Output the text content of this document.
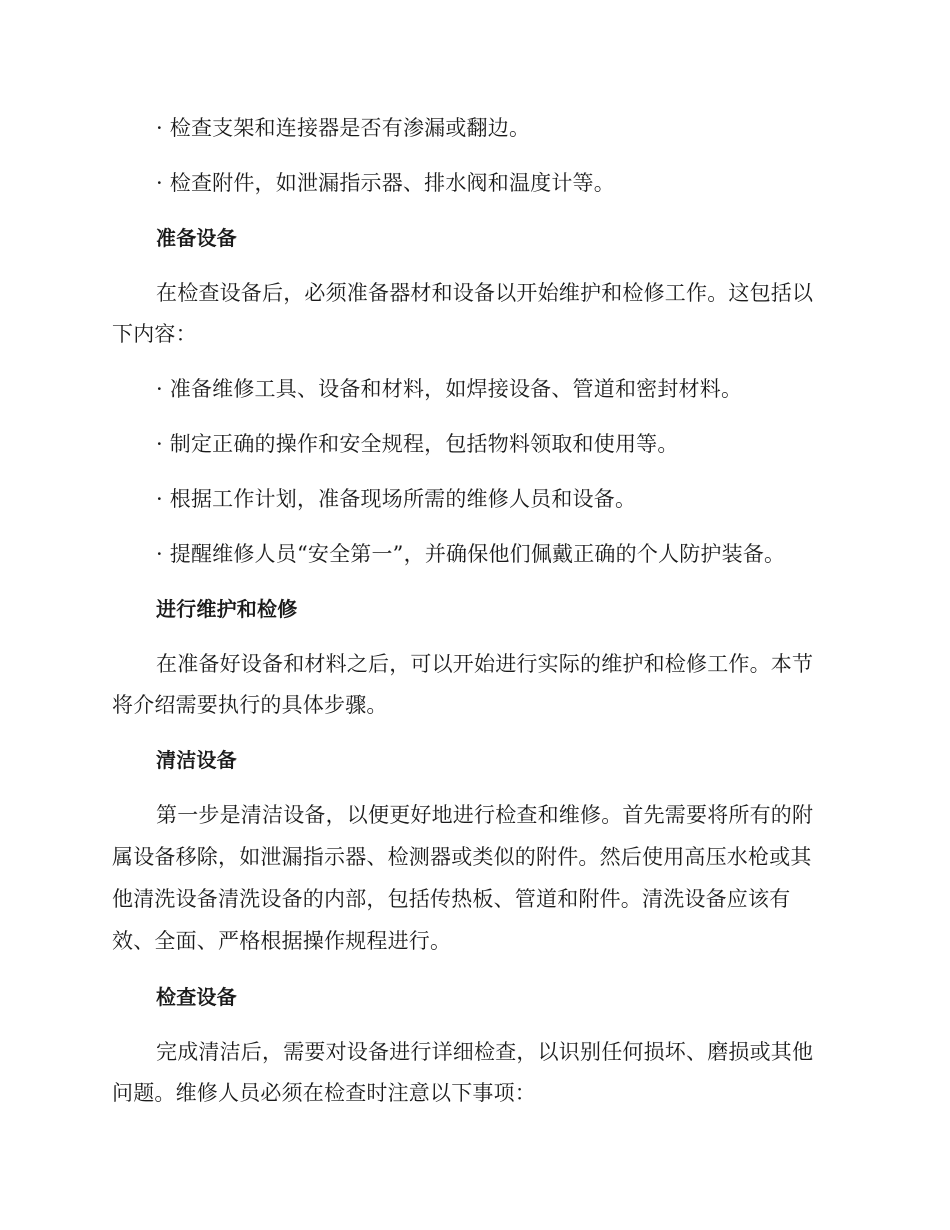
· 检查支架和连接器是否有渗漏或翻边。
· 检查附件，如泄漏指示器、排水阀和温度计等。
准备设备
在检查设备后，必须准备器材和设备以开始维护和检修工作。这包括以
下内容：
· 准备维修工具、设备和材料，如焊接设备、管道和密封材料。
· 制定正确的操作和安全规程，包括物料领取和使用等。
· 根据工作计划，准备现场所需的维修人员和设备。
· 提醒维修人员“安全第一”，并确保他们佩戴正确的个人防护装备。
进行维护和检修
在准备好设备和材料之后，可以开始进行实际的维护和检修工作。本节
将介绍需要执行的具体步骤。
清洁设备
第一步是清洁设备，以便更好地进行检查和维修。首先需要将所有的附
属设备移除，如泄漏指示器、检测器或类似的附件。然后使用高压水枪或其
他清洗设备清洗设备的内部，包括传热板、管道和附件。清洗设备应该有
效、全面、严格根据操作规程进行。
检查设备
完成清洁后，需要对设备进行详细检查，以识别任何损坏、磨损或其他
问题。维修人员必须在检查时注意以下事项：
